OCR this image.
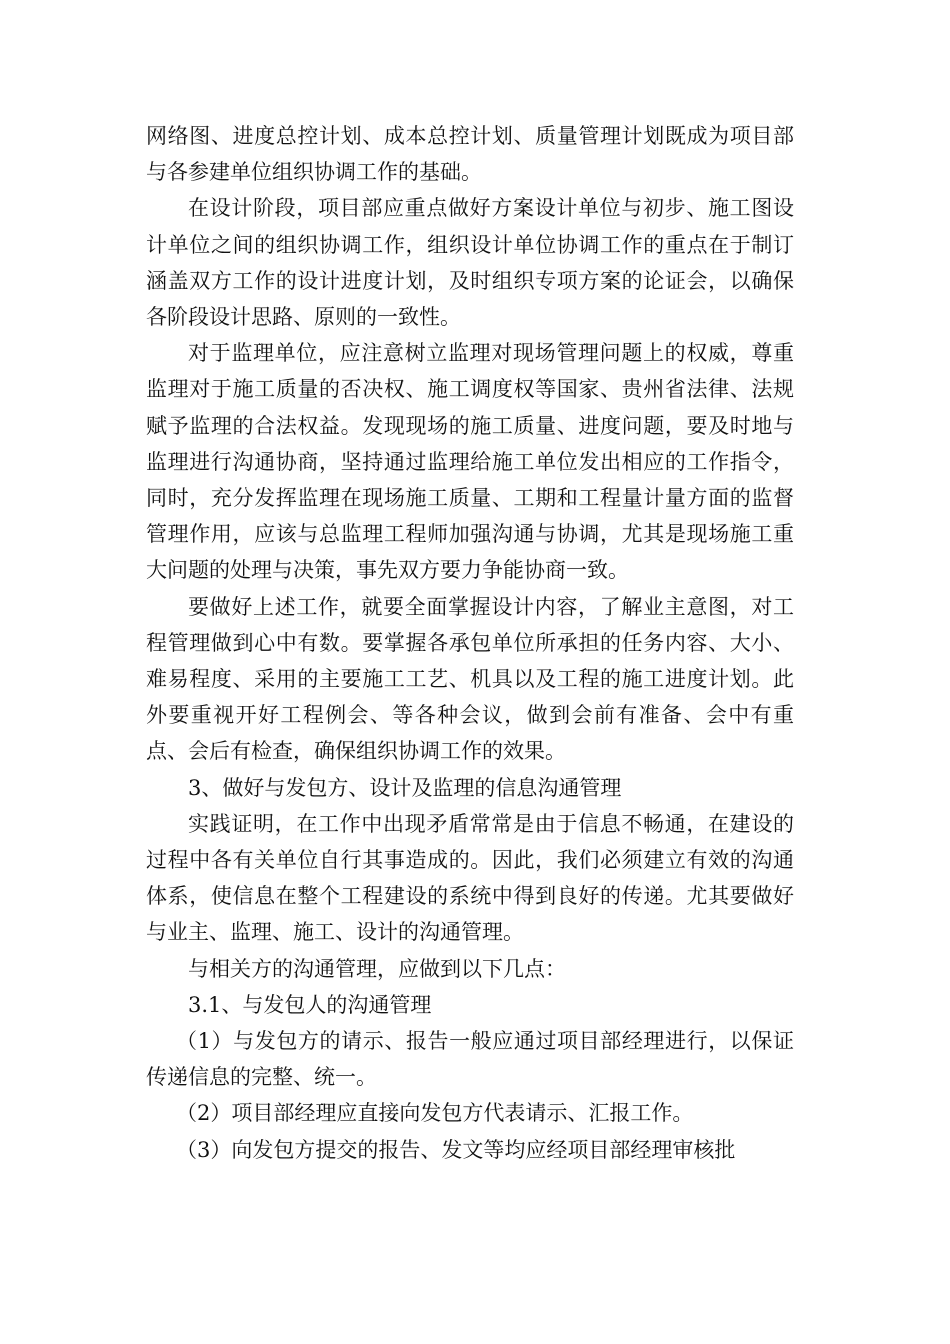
网络图、进度总控计划、成本总控计划、质量管理计划既成为项目部与各参建单位组织协调工作的基础。

在设计阶段，项目部应重点做好方案设计单位与初步、施工图设计单位之间的组织协调工作，组织设计单位协调工作的重点在于制订涵盖双方工作的设计进度计划，及时组织专项方案的论证会，以确保各阶段设计思路、原则的一致性。

对于监理单位，应注意树立监理对现场管理问题上的权威，尊重监理对于施工质量的否决权、施工调度权等国家、贵州省法律、法规赋予监理的合法权益。发现现场的施工质量、进度问题，要及时地与监理进行沟通协商，坚持通过监理给施工单位发出相应的工作指令，同时，充分发挥监理在现场施工质量、工期和工程量计量方面的监督管理作用，应该与总监理工程师加强沟通与协调，尤其是现场施工重大问题的处理与决策，事先双方要力争能协商一致。

要做好上述工作，就要全面掌握设计内容，了解业主意图，对工程管理做到心中有数。要掌握各承包单位所承担的任务内容、大小、难易程度、采用的主要施工工艺、机具以及工程的施工进度计划。此外要重视开好工程例会、等各种会议，做到会前有准备、会中有重点、会后有检查，确保组织协调工作的效果。

3、做好与发包方、设计及监理的信息沟通管理

实践证明，在工作中出现矛盾常常是由于信息不畅通，在建设的过程中各有关单位自行其事造成的。因此，我们必须建立有效的沟通体系，使信息在整个工程建设的系统中得到良好的传递。尤其要做好与业主、监理、施工、设计的沟通管理。

与相关方的沟通管理，应做到以下几点：

3.1、与发包人的沟通管理

（1）与发包方的请示、报告一般应通过项目部经理进行，以保证传递信息的完整、统一。

（2）项目部经理应直接向发包方代表请示、汇报工作。

（3）向发包方提交的报告、发文等均应经项目部经理审核批
